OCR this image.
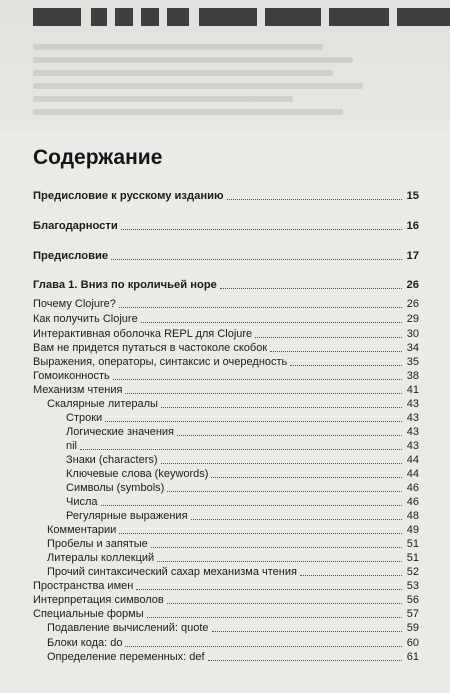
Содержание
Предисловие к русскому изданию	15
Благодарности	16
Предисловие	17
Глава 1. Вниз по кроличьей норе	26
Почему Clojure?	26
Как получить Clojure	29
Интерактивная оболочка REPL для Clojure	30
Вам не придется путаться в частоколе скобок	34
Выражения, операторы, синтаксис и очередность	35
Гомоиконность	38
Механизм чтения	41
Скалярные литералы	43
Строки	43
Логические значения	43
nil	43
Знаки (characters)	44
Ключевые слова (keywords)	44
Символы (symbols)	46
Числа	46
Регулярные выражения	48
Комментарии	49
Пробелы и запятые	51
Литералы коллекций	51
Прочий синтаксический сахар механизма чтения	52
Пространства имен	53
Интерпретация символов	56
Специальные формы	57
Подавление вычислений: quote	59
Блоки кода: do	60
Определение переменных: def	61
